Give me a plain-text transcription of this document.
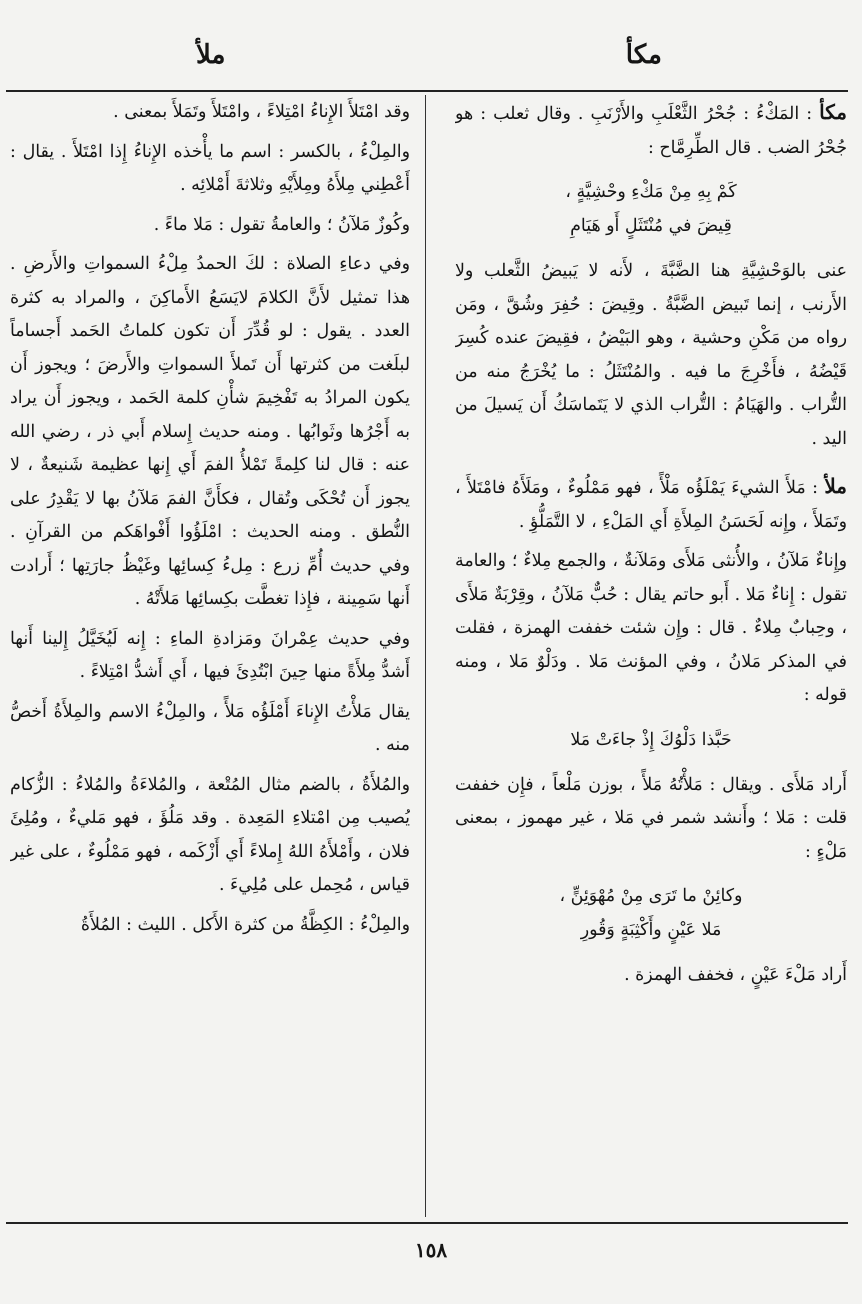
مكأ
ملأ

مكأ : المَكْءُ : جُحْرُ الثَّعْلَبِ والأَرْنَبِ . وقال ثعلب : هو جُحْرُ الضب . قال الطِّرِمَّاح :

كَمْ بِهِ مِنْ مَكْءِ وحْشِيَّةٍ ،
قِيضَ في مُنْتَثَلٍ أَو هَيَامِ

عنى بالوَحْشِيَّةِ هنا الضَّبَّةَ ، لأَنه لا يَبيضُ الثَّعلب ولا الأَرنب ، إنما تَبيض الضَّبَّةُ . وقِيضَ : حُفِرَ وشُقَّ ، ومَن رواه من مَكْنِ وحشية ، وهو البَيْضُ ، فقِيضَ عنده كُسِرَ قَيْضُهُ ، فأَخْرِجَ ما فيه . والمُنْتَثَلُ : ما يُخْرَجُ منه من التُّراب . والهَيَامُ : التُّراب الذي لا يَتَماسَكُ أَن يَسيلَ من اليد .

ملأ : مَلأَ الشيءَ يَمْلَؤُه مَلْأً ، فهو مَمْلُوءٌ ، ومَلَأَهُ فامْتَلأَ ، وتَمَلأَ ، وإِنه لَحَسَنُ المِلأَةِ أَي المَلْءِ ، لا التَّمَلُّؤِ .

وإِناءٌ مَلآنُ ، والأُنثى مَلأَى ومَلآنةٌ ، والجمع مِلاءٌ ؛ والعامة تقول : إِناءٌ مَلا . أَبو حاتم يقال : حُبٌّ مَلآنُ ، وقِرْبَةٌ مَلأَى ، وحِبابٌ مِلاءٌ . قال : وإِن شئت خففت الهمزة ، فقلت في المذكر مَلانُ ، وفي المؤنث مَلا . ودَلْوٌ مَلا ، ومنه قوله :

حَبَّذا دَلْوُكَ إِذْ جاءَتْ مَلا

أَراد مَلأَى . ويقال : مَلأْتُهُ مَلأً ، بوزن مَلْعاً ، فإِن خففت قلت : مَلا ؛ وأَنشد شمر في مَلا ، غير مهموز ، بمعنى مَلْءٍ :

وكائِنْ ما تَرَى مِنْ مُهْوَئِنٍّ ،
مَلا عَيْنٍ وأَكْثِبَةٍ وَقُورِ

أَراد مَلْءَ عَيْنٍ ، فخفف الهمزة .

وقد امْتَلأَ الإِناءُ امْتِلاءً ، وامْتَلأَ وتَمَلأَ بمعنى .

والمِلْءُ ، بالكسر : اسم ما يأْخذه الإِناءُ إِذا امْتَلأَ . يقال : أَعْطِني مِلأَهُ ومِلأَيْهِ وثلاثةَ أَمْلائِه .

وكُوزٌ مَلآنُ ؛ والعامةُ تقول : مَلا ماءً .

وفي دعاءِ الصلاة : لكَ الحمدُ مِلْءُ السمواتِ والأَرضِ . هذا تمثيل لأَنَّ الكلامَ لايَسَعُ الأَماكِنَ ، والمراد به كثرة العدد . يقول : لو قُدِّرَ أَن تكون كلماتُ الحَمد أَجساماً لبلَغت من كثرتها أَن تَملأَ السمواتِ والأَرضَ ؛ ويجوز أَن يكون المرادُ به تَفْخِيمَ شأْنِ كلمة الحَمد ، ويجوز أَن يراد به أَجْرُها وثَوابُها . ومنه حديث إِسلام أَبي ذر ، رضي الله عنه : قال لنا كلِمةً تَمْلأُ الفمَ أَي إِنها عظيمة شَنيعةٌ ، لا يجوز أَن تُحْكَى وتُقال ، فكأَنَّ الفمَ مَلآنُ بها لا يَقْدِرُ على النُّطق . ومنه الحديث : امْلَؤُوا أَفْواهَكم من القرآنِ . وفي حديث أُمِّ زرع : مِلءُ كِسائِها وغَيْظُ جارَتِها ؛ أَرادت أَنها سَمِينة ، فإِذا تغطَّت بكِسائِها مَلأَتْهُ .

وفي حديث عِمْرانَ ومَزادةِ الماءِ : إِنه لَيُخَيَّلُ إِلينا أَنها أَشدُّ مِلأَةً منها حِينَ ابْتُدِئَ فيها ، أَي أَشدُّ امْتِلاءً .

يقال مَلأْتُ الإِناءَ أَمْلَؤُه مَلأً ، والمِلْءُ الاسم والمِلأَةُ أَخصُّ منه .

والمُلأَةُ ، بالضم مثال المُتْعة ، والمُلاءَةُ والمُلاءُ : الزُّكام يُصيب مِن امْتلاءِ المَعِدة . وقد مَلُؤَ ، فهو مَليءٌ ، ومُلِئَ فلان ، وأَمْلأَهُ اللهُ إِملاءً أَي أَزْكَمه ، فهو مَمْلُوءٌ ، على غير قياس ، مُحِمل على مُلِيءَ .

والمِلْءُ : الكِظَّةُ من كثرة الأَكل . الليث : المُلأَةُ

١٥٨
